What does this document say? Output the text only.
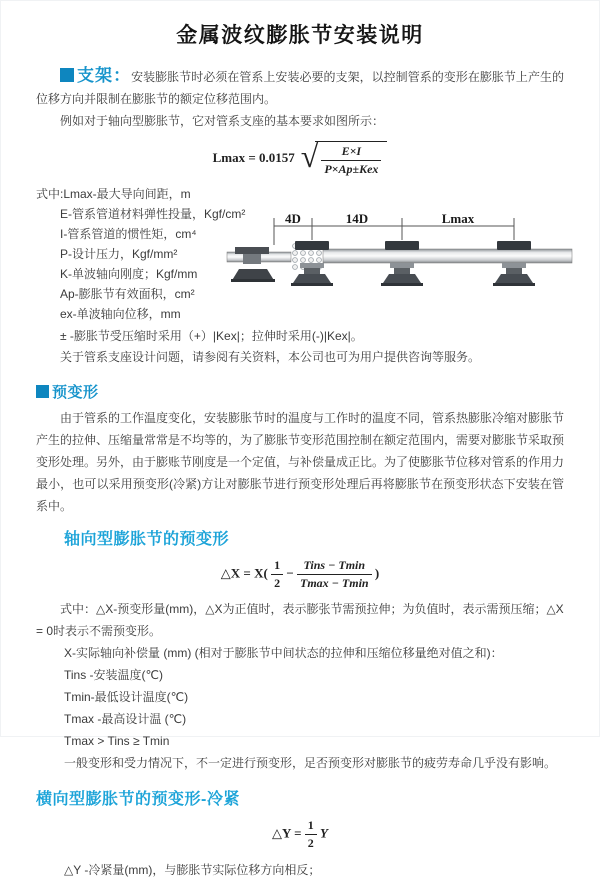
金属波纹膨胀节安装说明

支架：安装膨胀节时必须在管系上安装必要的支架，以控制管系的变形在膨胀节上产生的位移方向并限制在膨胀节的额定位移范围内。

例如对于轴向型膨胀节，它对管系支座的基本要求如图所示：

Lmax = 0.0157 √ $\frac{E\times I}{\text{P×Ap±Kex}}$
式中:Lmax-最大导向间距，m
E-管系管道材料弹性投量，Kgf/cm²
I-管系管道的惯性矩，cm⁴
P-设计压力，Kgf/mm²
K-单波轴向刚度；Kgf/mm
Ap-膨胀节有效面积，cm²
ex-单波轴向位移，mm
4D	14D	Lmax
± -膨胀节受压缩时采用（+）|Kex|；拉伸时采用(-)|Kex|。
关于管系支座设计问题，请参阅有关资料，本公司也可为用户提供咨询等服务。
预变形

由于管系的工作温度变化，安装膨胀节时的温度与工作时的温度不同，管系热膨胀冷缩对膨胀节产生的拉伸、压缩量常常是不均等的，为了膨胀节变形范围控制在额定范围内，需要对膨胀节采取预变形处理。另外，由于膨账节刚度是一个定值，与补偿量成正比。为了使膨胀节位移对管系的作用力最小，也可以采用预变形(冷紧)方让对膨胀节进行预变形处理后再将膨胀节在预变形状态下安装在管系中。

轴向型膨胀节的预变形
△X = $X( \frac{1}{2} - \frac{\text{Tins − Tmin}}{Tmax - Tmin}$ )

式中：△X-预变形量(mm)，△X为正值时，表示膨张节需预拉伸；为负值时，表示需预压缩；△X = 0时表示不需预变形。

X-实际轴向补偿量 (mm) (相对于膨胀节中间状态的拉伸和压缩位移量绝对值之和)：
Tins -安装温度(℃)
Tmin-最低设计温度(℃)
Tmax -最高设计温 (℃)
Tmax > Tins ≥ Tmin
一般变形和受力情况下，不一定进行预变形，足否预变形对膨胀节的疲劳寿命几乎没有影响。
横向型膨胀节的预变形-冷紧
△Y = $\frac{1}{2}$ Y
△Y -冷紧量(mm)，与膨胀节实际位移方向相反；
